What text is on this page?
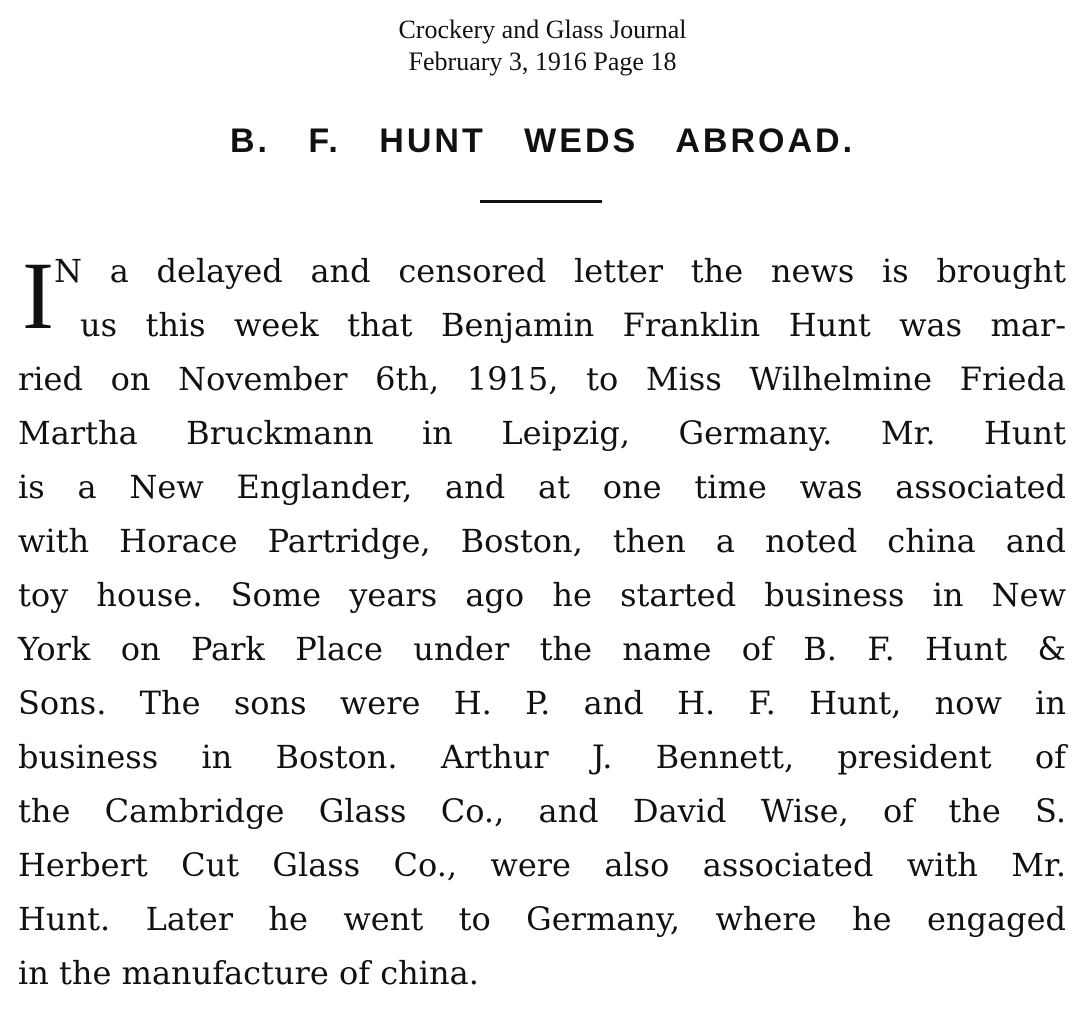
Crockery and Glass Journal
February 3, 1916 Page 18
B. F. HUNT WEDS ABROAD.
I N a delayed and censored letter the news is brought
us this week that Benjamin Franklin Hunt was mar-
ried on November 6th, 1915, to Miss Wilhelmine Frieda
Martha Bruckmann in Leipzig, Germany. Mr. Hunt
is a New Englander, and at one time was associated
with Horace Partridge, Boston, then a noted china and
toy house. Some years ago he started business in New
York on Park Place under the name of B. F. Hunt &
Sons. The sons were H. P. and H. F. Hunt, now in
business in Boston. Arthur J. Bennett, president of
the Cambridge Glass Co., and David Wise, of the S.
Herbert Cut Glass Co., were also associated with Mr.
Hunt. Later he went to Germany, where he engaged
in the manufacture of china.
